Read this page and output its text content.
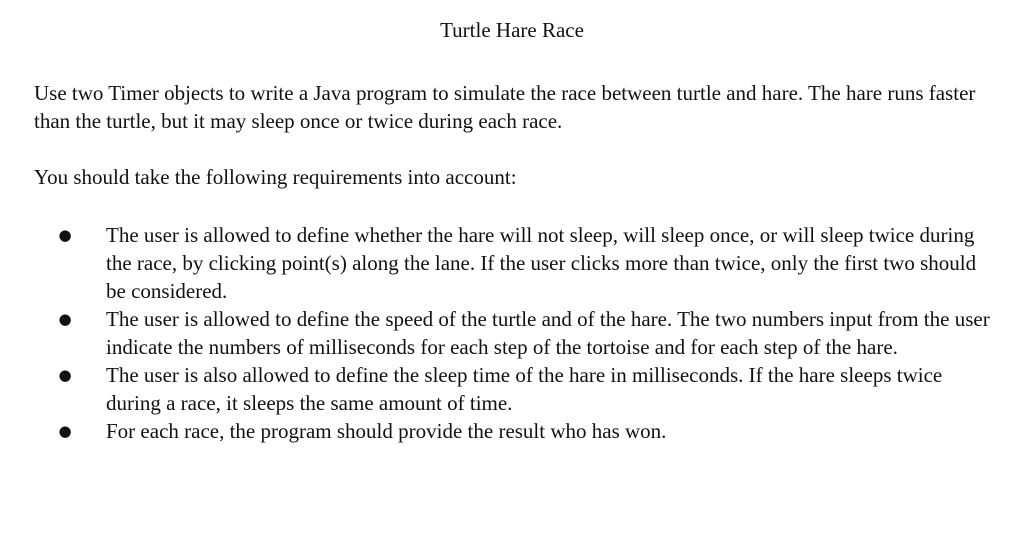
Turtle Hare Race

Use two Timer objects to write a Java program to simulate the race between turtle and hare. The hare runs faster than the turtle, but it may sleep once or twice during each race.

You should take the following requirements into account:

● The user is allowed to define whether the hare will not sleep, will sleep once, or will sleep twice during the race, by clicking point(s) along the lane. If the user clicks more than twice, only the first two should be considered.
● The user is allowed to define the speed of the turtle and of the hare. The two numbers input from the user indicate the numbers of milliseconds for each step of the tortoise and for each step of the hare.
● The user is also allowed to define the sleep time of the hare in milliseconds. If the hare sleeps twice during a race, it sleeps the same amount of time.
● For each race, the program should provide the result who has won.
